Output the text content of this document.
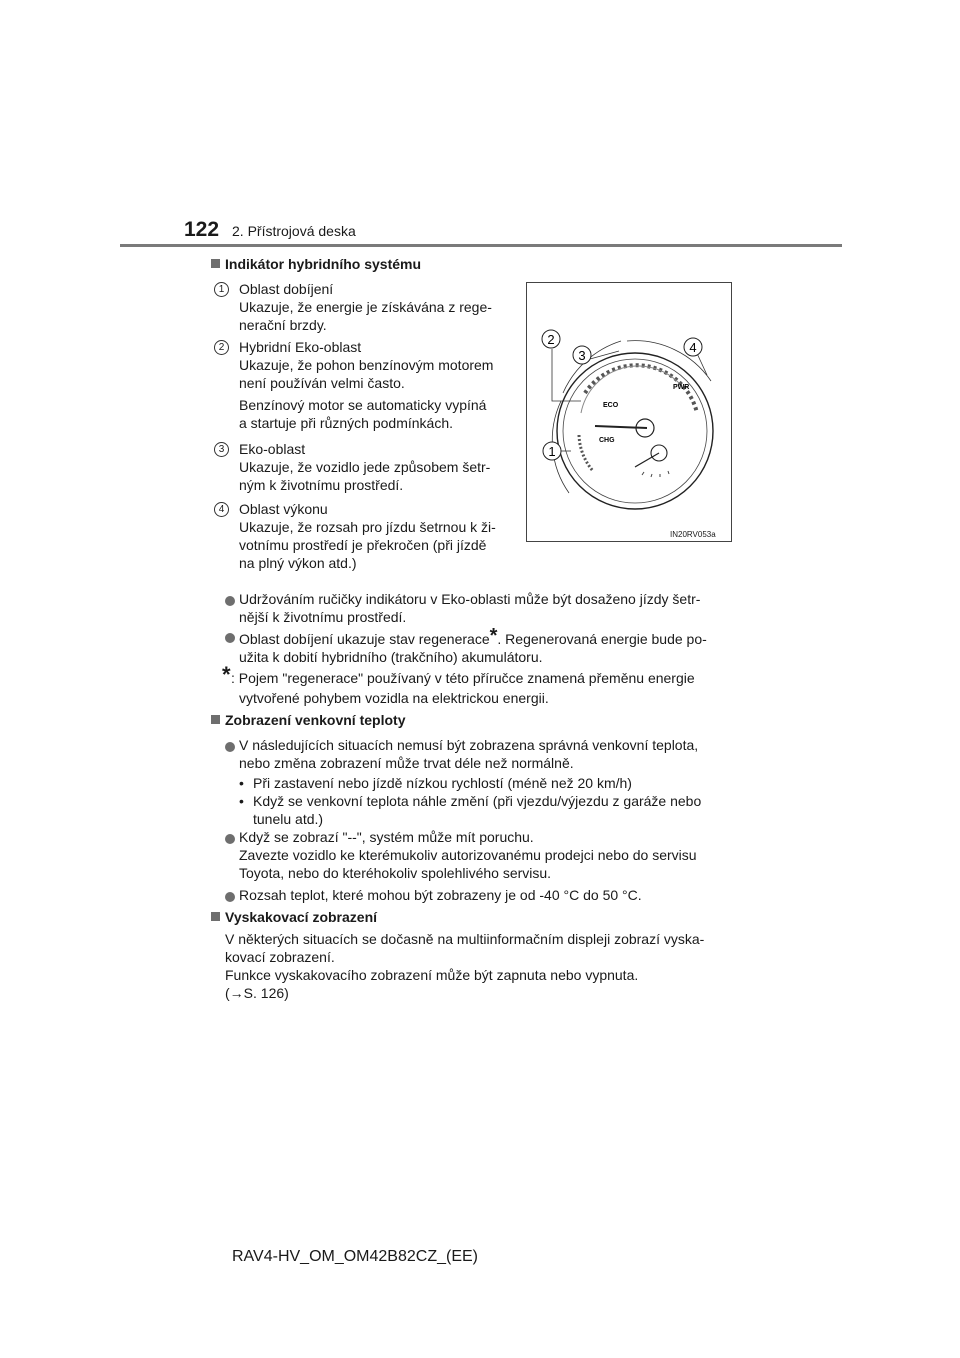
122 2. Přístrojová deska
Indikátor hybridního systému
1	Oblast dobíjení
Ukazuje, že energie je získávána z rege-
nerační brzdy.
2	Hybridní Eko-oblast
Ukazuje, že pohon benzínovým motorem
není používán velmi často.
Benzínový motor se automaticky vypíná
a startuje při různých podmínkách.
3	Eko-oblast
Ukazuje, že vozidlo jede způsobem šetr-
ným k životnímu prostředí.
4	Oblast výkonu
Ukazuje, že rozsah pro jízdu šetrnou k ži-
votnímu prostředí je překročen (při jízdě
na plný výkon atd.)
ECO
PWR
CHG
2
3
4
1
IN20RV053a
Udržováním ručičky indikátoru v Eko-oblasti může být dosaženo jízdy šetr-
nější k životnímu prostředí.
Oblast dobíjení ukazuje stav regenerace*. Regenerovaná energie bude po-
užita k dobití hybridního (trakčního) akumulátoru.
* : Pojem "regenerace" používaný v této příručce znamená přeměnu energie
vytvořené pohybem vozidla na elektrickou energii.
Zobrazení venkovní teploty
V následujících situacích nemusí být zobrazena správná venkovní teplota,
nebo změna zobrazení může trvat déle než normálně.
• Při zastavení nebo jízdě nízkou rychlostí (méně než 20 km/h)
• Když se venkovní teplota náhle změní (při vjezdu/výjezdu z garáže nebo
tunelu atd.)
Když se zobrazí "--", systém může mít poruchu.
Zavezte vozidlo ke kterémukoliv autorizovanému prodejci nebo do servisu
Toyota, nebo do kteréhokoliv spolehlivého servisu.
Rozsah teplot, které mohou být zobrazeny je od -40 °C do 50 °C.
Vyskakovací zobrazení
V některých situacích se dočasně na multiinformačním displeji zobrazí vyska-
kovací zobrazení.
Funkce vyskakovacího zobrazení může být zapnuta nebo vypnuta.
(→S. 126)
RAV4-HV_OM_OM42B82CZ_(EE)
